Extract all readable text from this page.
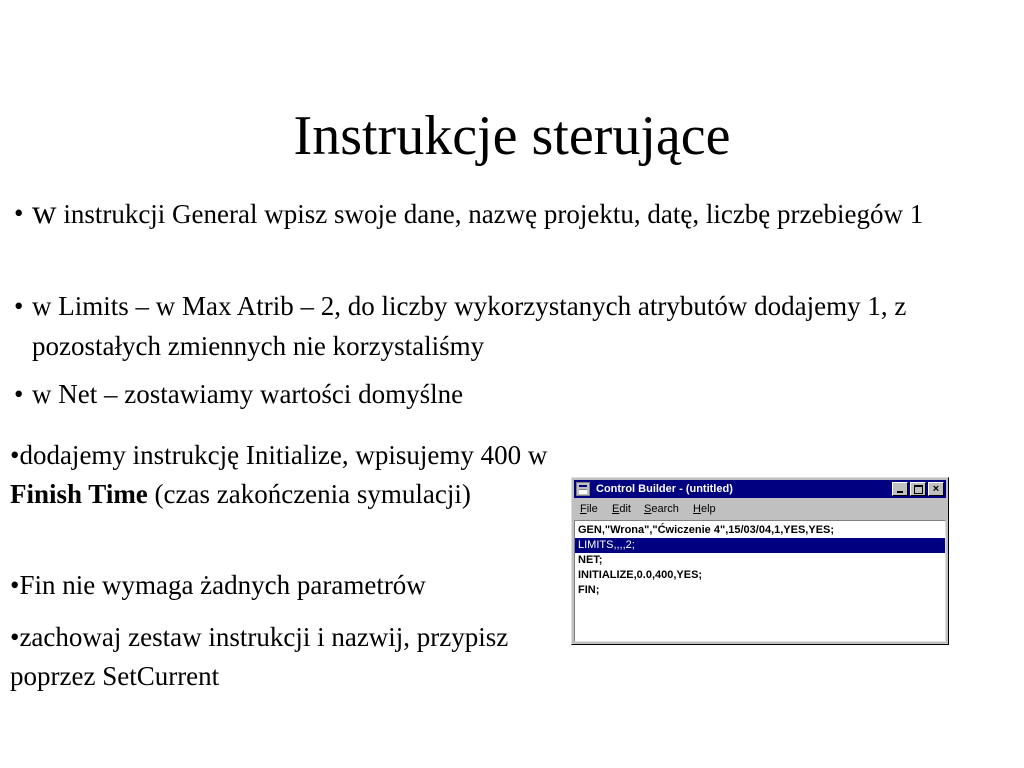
Instrukcje sterujące
• w instrukcji General wpisz swoje dane, nazwę projektu, datę, liczbę przebiegów 1
• w Limits – w Max Atrib – 2, do liczby wykorzystanych atrybutów dodajemy 1, z pozostałych zmiennych nie korzystaliśmy
• w Net – zostawiamy wartości domyślne
•dodajemy instrukcję Initialize, wpisujemy 400 w Finish Time (czas zakończenia symulacji)
•Fin nie wymaga żadnych parametrów
•zachowaj zestaw instrukcji i nazwij, przypisz poprzez SetCurrent
Control Builder - (untitled)	×
File Edit Search Help
GEN,"Wrona","Ćwiczenie 4",15/03/04,1,YES,YES;
LIMITS,,,,2;
NET;
INITIALIZE,0.0,400,YES;
FIN;
